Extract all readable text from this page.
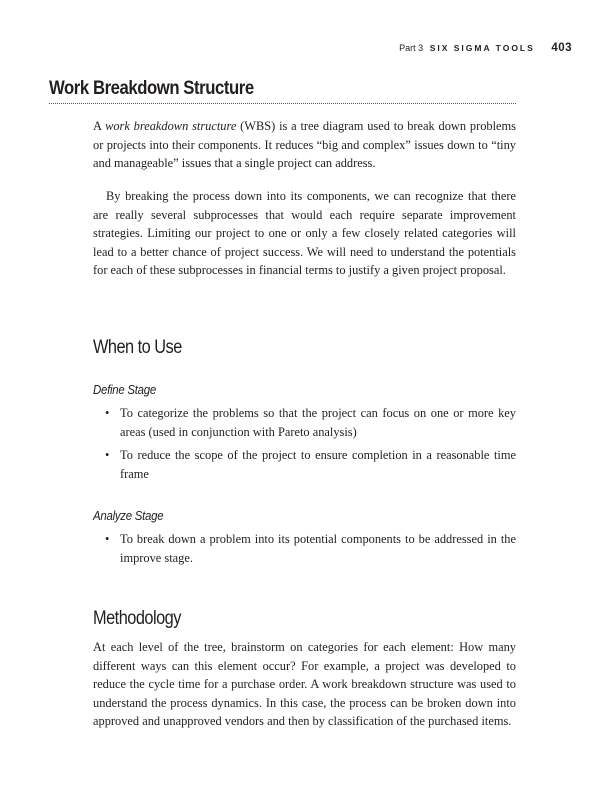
Part 3 SIX SIGMA TOOLS 403
Work Breakdown Structure

A work breakdown structure (WBS) is a tree diagram used to break down problems or projects into their components. It reduces “big and complex” issues down to “tiny and manageable” issues that a single project can address.

By breaking the process down into its components, we can recognize that there are really several subprocesses that would each require separate improvement strategies. Limiting our project to one or only a few closely related categories will lead to a better chance of project success. We will need to understand the potentials for each of these subprocesses in financial terms to justify a given project proposal.

When to Use
Define Stage
• To categorize the problems so that the project can focus on one or more key areas (used in conjunction with Pareto analysis)
• To reduce the scope of the project to ensure completion in a reasonable time frame
Analyze Stage
• To break down a problem into its potential components to be addressed in the improve stage.
Methodology

At each level of the tree, brainstorm on categories for each element: How many different ways can this element occur? For example, a project was developed to reduce the cycle time for a purchase order. A work breakdown structure was used to understand the process dynamics. In this case, the process can be broken down into approved and unapproved vendors and then by classification of the purchased items.
